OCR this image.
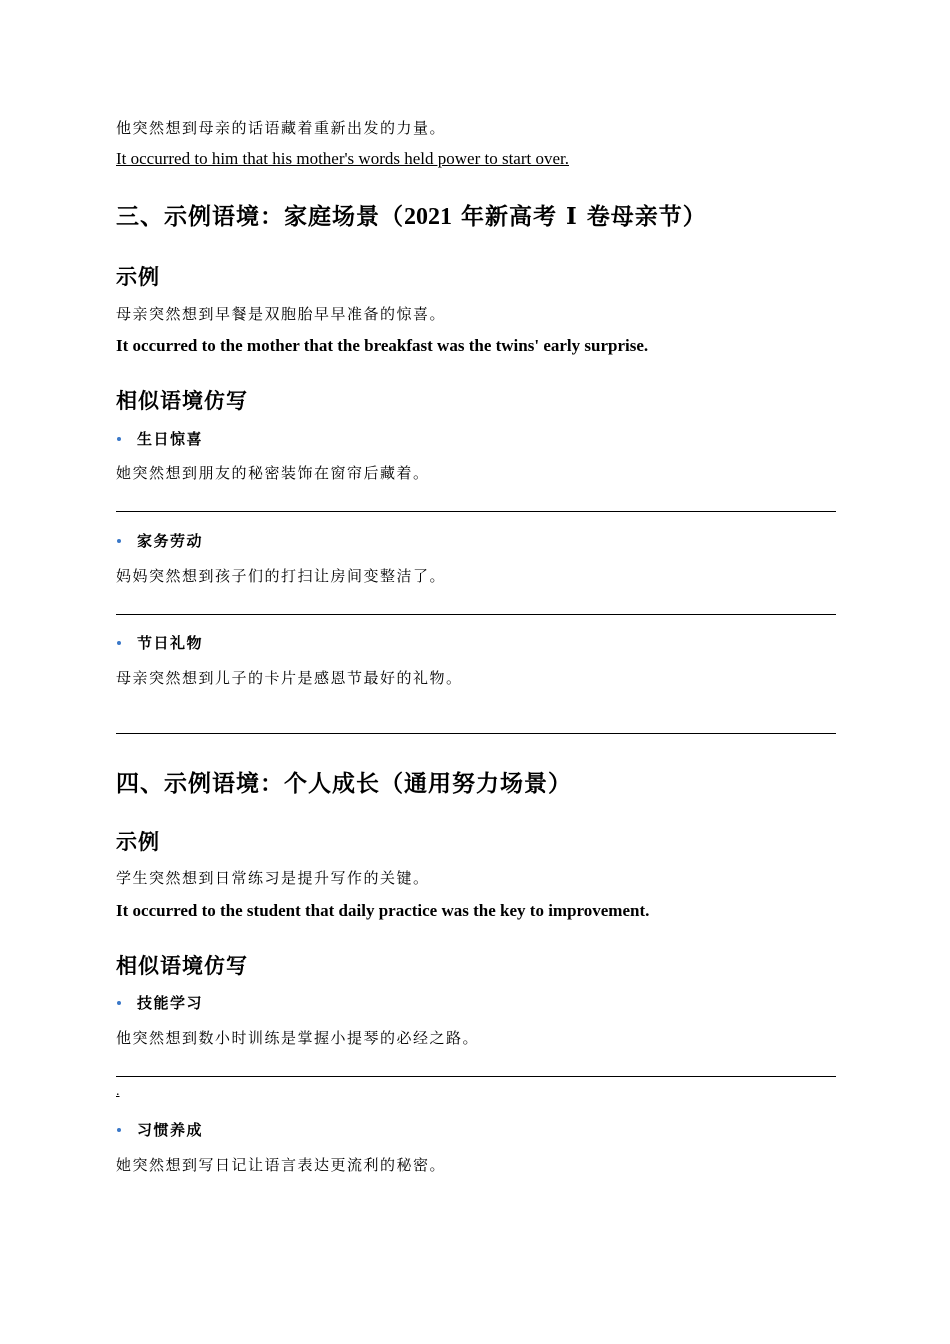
他突然想到母亲的话语藏着重新出发的力量。
It occurred to him that his mother's words held power to start over.
三、示例语境：家庭场景（2021 年新高考 Ⅰ 卷母亲节）
示例
母亲突然想到早餐是双胞胎早早准备的惊喜。
It occurred to the mother that the breakfast was the twins' early surprise.
相似语境仿写
生日惊喜
她突然想到朋友的秘密装饰在窗帘后藏着。
家务劳动
妈妈突然想到孩子们的打扫让房间变整洁了。
节日礼物
母亲突然想到儿子的卡片是感恩节最好的礼物。
四、示例语境：个人成长（通用努力场景）
示例
学生突然想到日常练习是提升写作的关键。
It occurred to the student that daily practice was the key to improvement.
相似语境仿写
技能学习
他突然想到数小时训练是掌握小提琴的必经之路。
.
习惯养成
她突然想到写日记让语言表达更流利的秘密。
